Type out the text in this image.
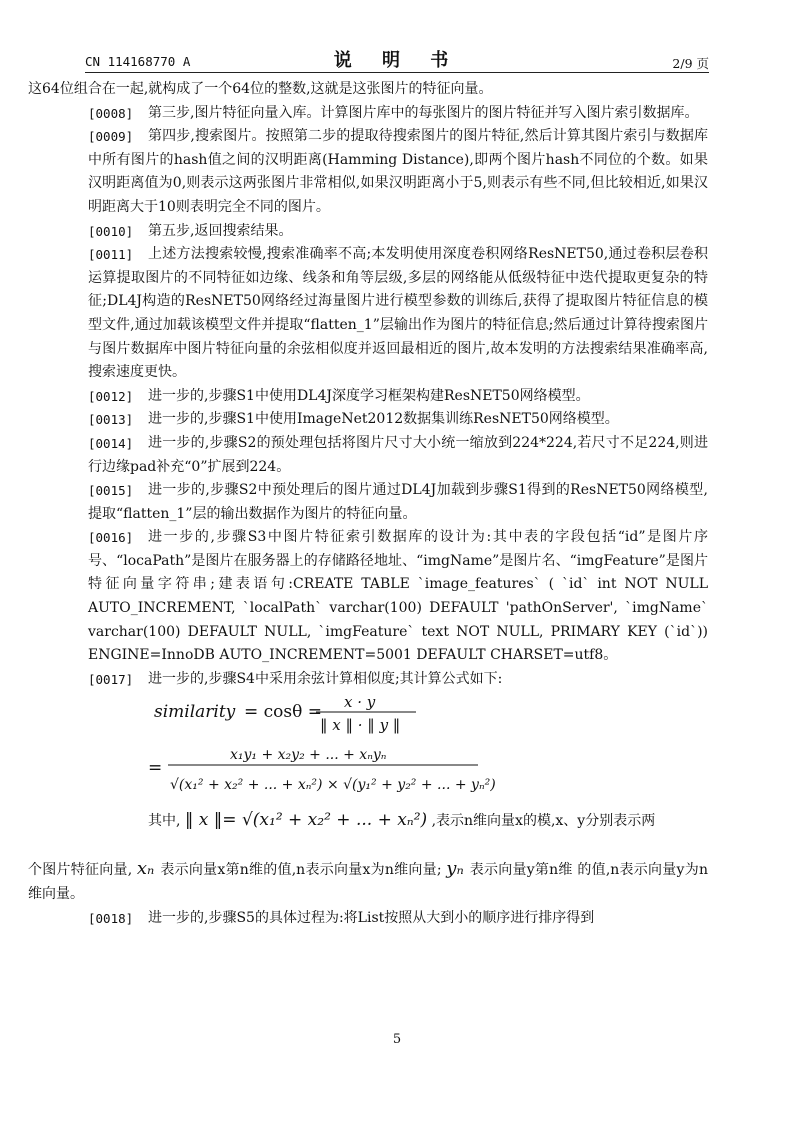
CN 114168770 A	说 明 书	2/9 页

这64位组合在一起,就构成了一个64位的整数,这就是这张图片的特征向量。

[0008]	第三步,图片特征向量入库。计算图片库中的每张图片的图片特征并写入图片索引数据库。

[0009]	第四步,搜索图片。按照第二步的提取待搜索图片的图片特征,然后计算其图片索引与数据库中所有图片的hash值之间的汉明距离(Hamming Distance),即两个图片hash不同位的个数。如果汉明距离值为0,则表示这两张图片非常相似,如果汉明距离小于5,则表示有些不同,但比较相近,如果汉明距离大于10则表明完全不同的图片。

[0010]	第五步,返回搜索结果。

[0011]	上述方法搜索较慢,搜索准确率不高;本发明使用深度卷积网络ResNET50,通过卷积层卷积运算提取图片的不同特征如边缘、线条和角等层级,多层的网络能从低级特征中迭代提取更复杂的特征;DL4J构造的ResNET50网络经过海量图片进行模型参数的训练后,获得了提取图片特征信息的模型文件,通过加载该模型文件并提取“flatten_1”层输出作为图片的特征信息;然后通过计算待搜索图片与图片数据库中图片特征向量的余弦相似度并返回最相近的图片,故本发明的方法搜索结果准确率高,搜索速度更快。

[0012]	进一步的,步骤S1中使用DL4J深度学习框架构建ResNET50网络模型。

[0013]	进一步的,步骤S1中使用ImageNet2012数据集训练ResNET50网络模型。

[0014]	进一步的,步骤S2的预处理包括将图片尺寸大小统一缩放到224*224,若尺寸不足224,则进行边缘pad补充“0”扩展到224。

[0015]	进一步的,步骤S2中预处理后的图片通过DL4J加载到步骤S1得到的ResNET50网络模型,提取“flatten_1”层的输出数据作为图片的特征向量。

[0016]	进一步的,步骤S3中图片特征索引数据库的设计为:其中表的字段包括“id”是图片序号、“locaPath”是图片在服务器上的存储路径地址、“imgName”是图片名、“imgFeature”是图片特征向量字符串;建表语句:CREATE TABLE `image_features` ( `id` int NOT NULL AUTO_INCREMENT, `localPath` varchar(100) DEFAULT 'pathOnServer', `imgName` varchar(100) DEFAULT NULL, `imgFeature` text NOT NULL, PRIMARY KEY (`id`)) ENGINE=InnoDB AUTO_INCREMENT=5001 DEFAULT CHARSET=utf8。

[0017]	进一步的,步骤S4中采用余弦计算相似度;其计算公式如下:

similarity = cosθ = x · y
‖ x ‖ · ‖ y ‖
=
x₁y₁ + x₂y₂ + ... + xₙyₙ
√(x₁² + x₂² + ... + xₙ²) × √(y₁² + y₂² + ... + yₙ²)
其中, ‖ x ‖= √(x₁² + x₂² + ... + xₙ²) ,表示n维向量x的模,x、y分别表示两

个图片特征向量, xₙ 表示向量x第n维的值,n表示向量x为n维向量; yₙ 表示向量y第n维 的值,n表示向量y为n维向量。

[0018]	进一步的,步骤S5的具体过程为:将List按照从大到小的顺序进行排序得到

5
